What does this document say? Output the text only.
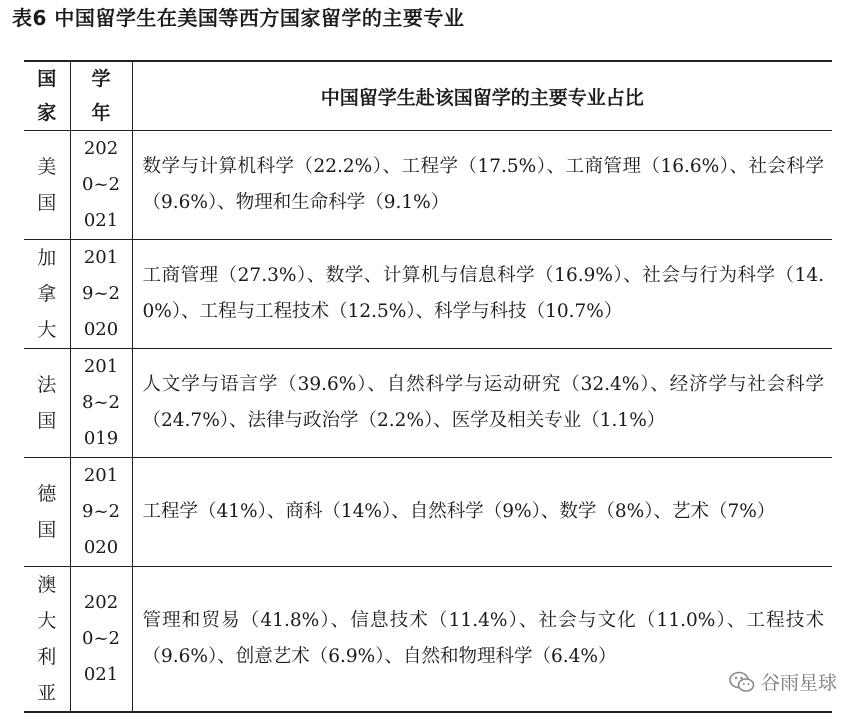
表6 中国留学生在美国等西方国家留学的主要专业
国家	学年	中国留学生赴该国留学的主要专业占比

美国	2020~2021	数学与计算机科学（22.2%）、工程学（17.5%）、工商管理（16.6%）、社会科学（9.6%）、物理和生命科学（9.1%）

加拿大	2019~2020	工商管理（27.3%）、数学、计算机与信息科学（16.9%）、社会与行为科学（14.0%）、工程与工程技术（12.5%）、科学与科技（10.7%）

法国	2018~2019	人文学与语言学（39.6%）、自然科学与运动研究（32.4%）、经济学与社会科学（24.7%）、法律与政治学（2.2%）、医学及相关专业（1.1%）

德国	2019~2020	工程学（41%）、商科（14%）、自然科学（9%）、数学（8%）、艺术（7%）

澳大利亚	2020~2021	管理和贸易（41.8%）、信息技术（11.4%）、社会与文化（11.0%）、工程技术（9.6%）、创意艺术（6.9%）、自然和物理科学（6.4%）
谷雨星球
